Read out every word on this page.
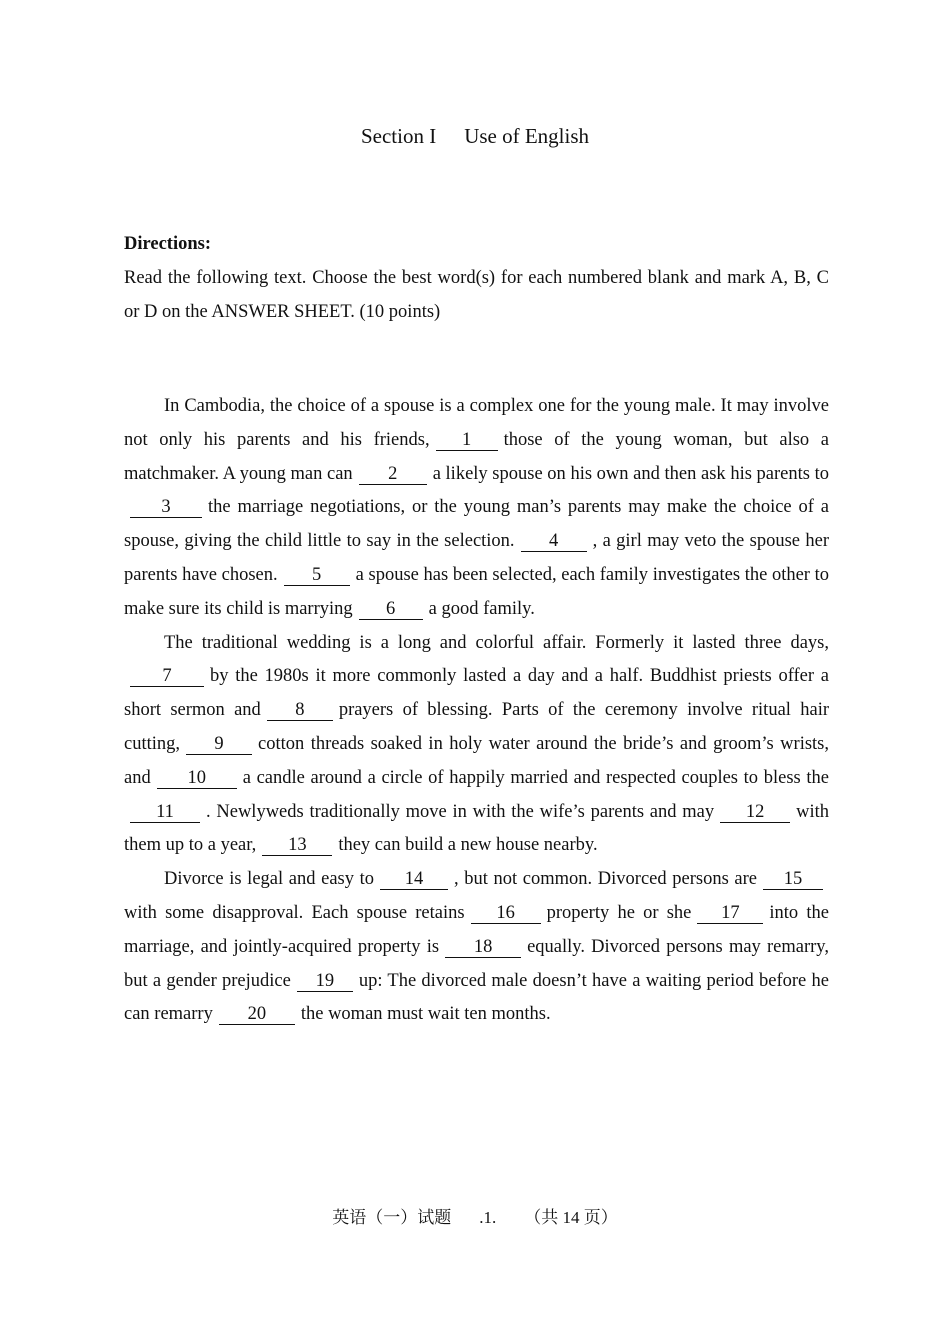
Section I Use of English
Directions:
Read the following text. Choose the best word(s) for each numbered blank and mark A, B, C or D on the ANSWER SHEET. (10 points)

In Cambodia, the choice of a spouse is a complex one for the young male. It may involve not only his parents and his friends, 1 those of the young woman, but also a matchmaker. A young man can 2 a likely spouse on his own and then ask his parents to3 the marriage negotiations, or the young man’s parents may make the choice of a spouse, giving the child little to say in the selection. 4 , a girl may veto the spouse her parents have chosen. 5 a spouse has been selected, each family investigates the other to make sure its child is marrying 6 a good family.

The traditional wedding is a long and colorful affair. Formerly it lasted three days,7 by the 1980s it more commonly lasted a day and a half. Buddhist priests offer a short sermon and 8 prayers of blessing. Parts of the ceremony involve ritual hair cutting, 9 cotton threads soaked in holy water around the bride’s and groom’s wrists, and 10 a candle around a circle of happily married and respected couples to bless the11 . Newlyweds traditionally move in with the wife’s parents and may 12 with them up to a year, 13 they can build a new house nearby.

Divorce is legal and easy to 14 , but not common. Divorced persons are 15with some disapproval. Each spouse retains 16 property he or she 17 into the marriage, and jointly-acquired property is 18 equally. Divorced persons may remarry, but a gender prejudice 19 up: The divorced male doesn’t have a waiting period before he can remarry 20 the woman must wait ten months.

英语（一）试题 .1. （共 14 页）
